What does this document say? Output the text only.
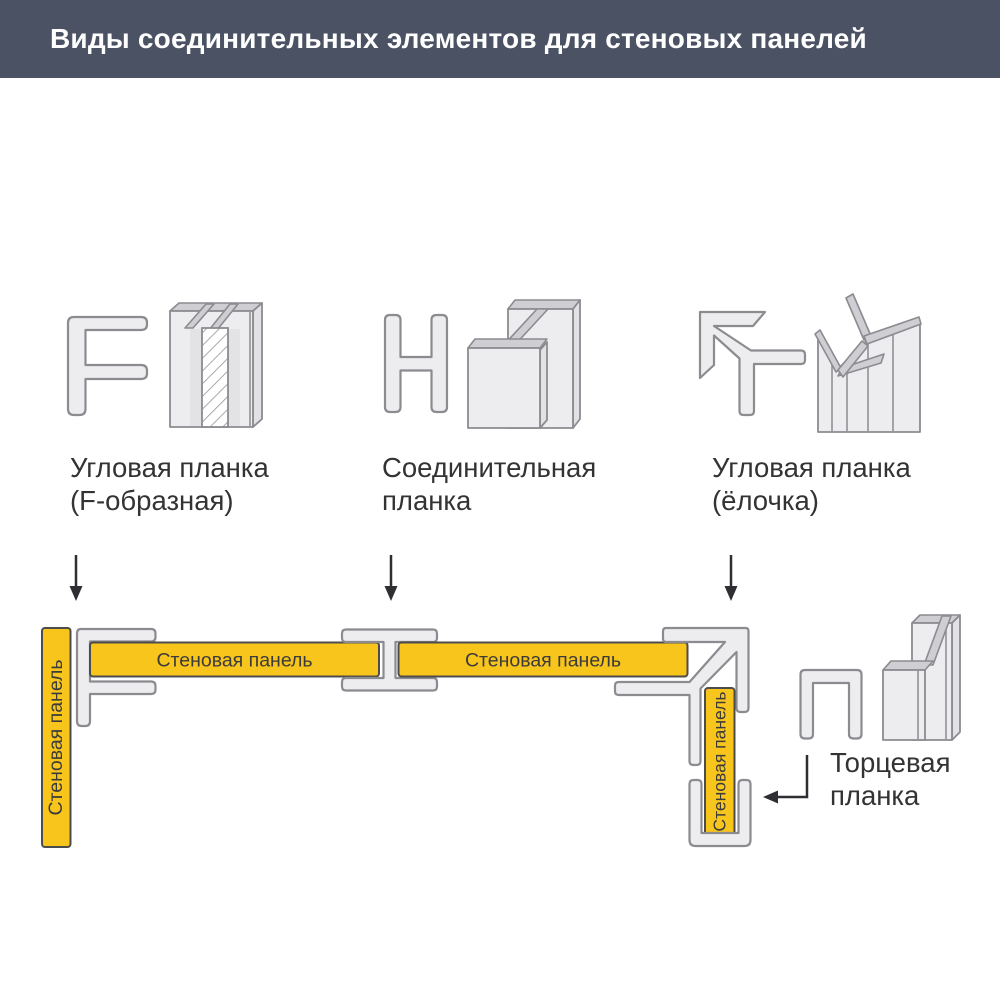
Виды соединительных элементов для стеновых панелей
Угловая планка
(F-образная)
Соединительная
планка
Угловая планка
(ёлочка)
Стеновая панель	Стеновая панель	Стеновая панель
Стеновая панель	Торцевая
планка
